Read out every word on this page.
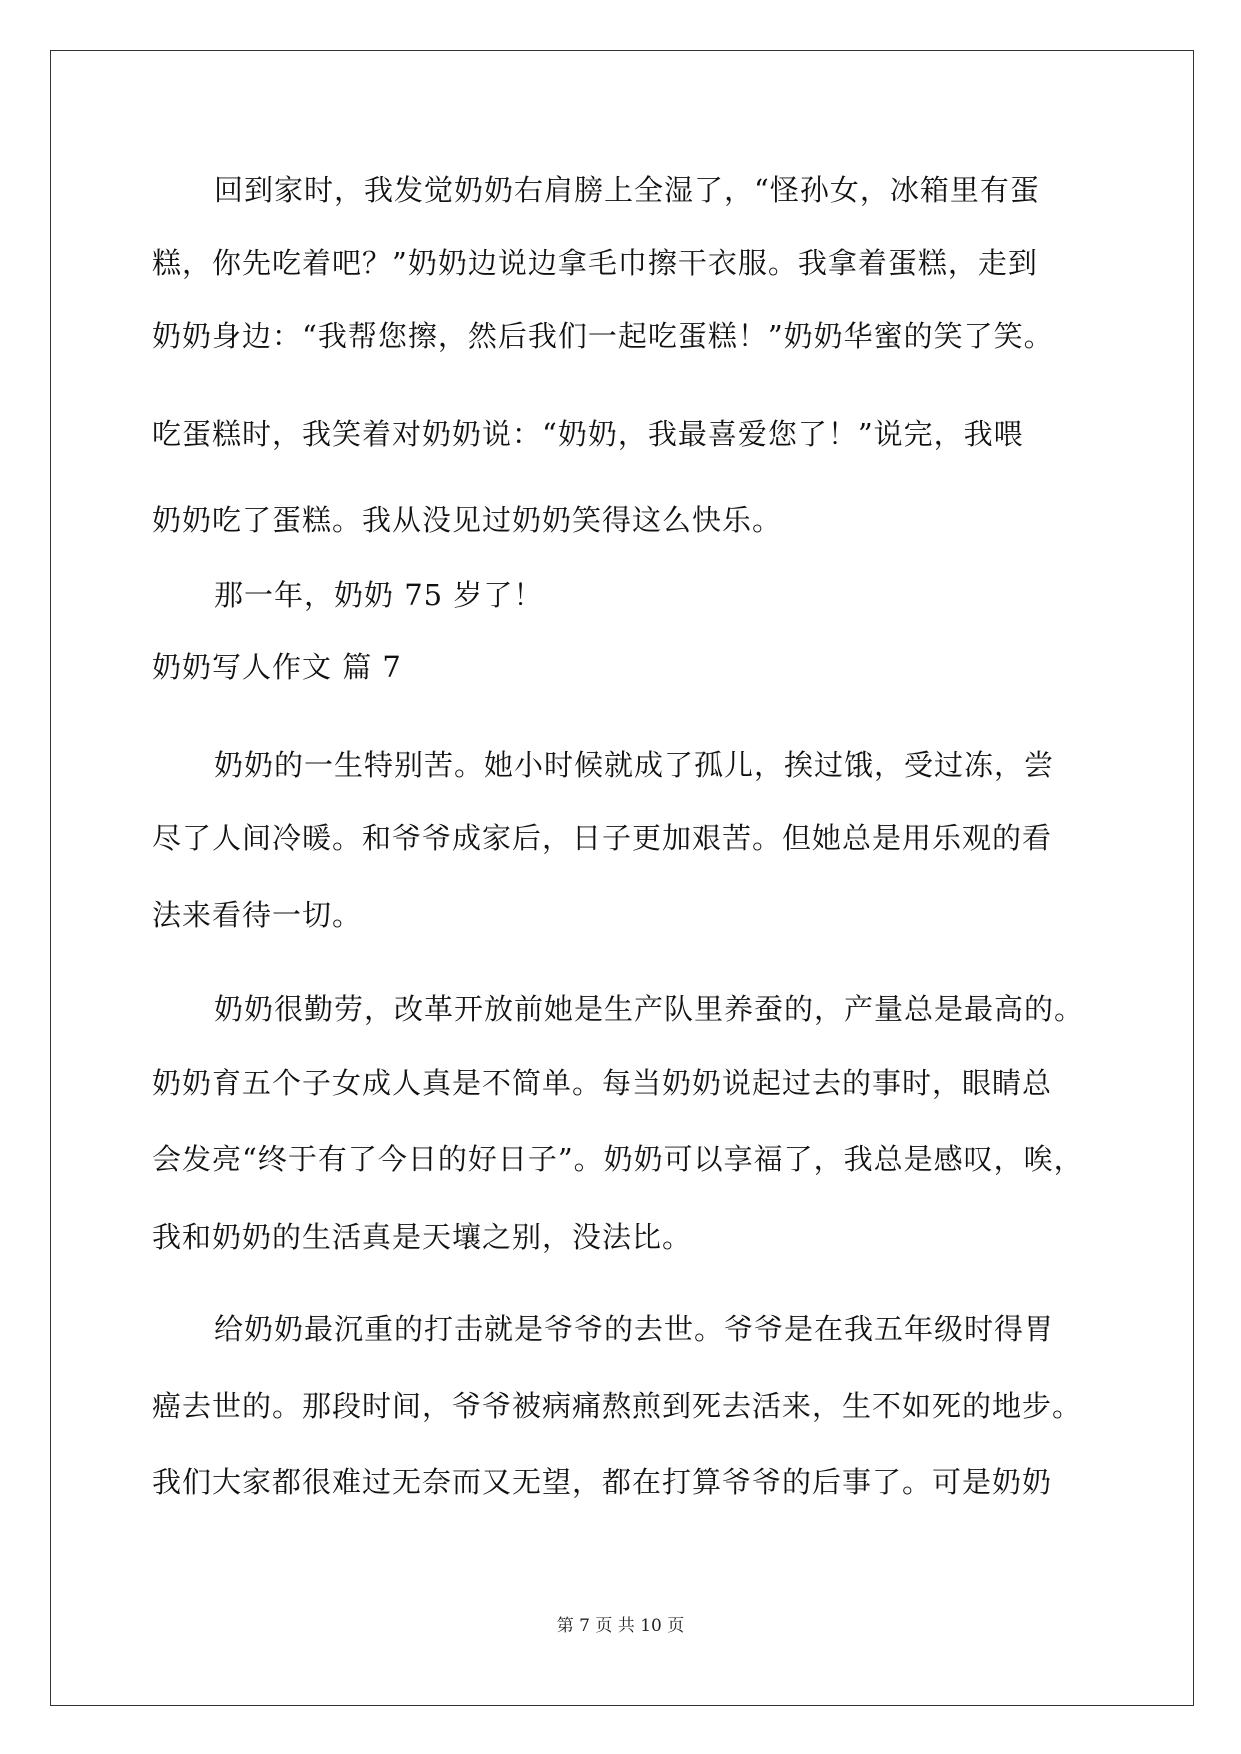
回到家时，我发觉奶奶右肩膀上全湿了，“怪孙女，冰箱里有蛋
糕，你先吃着吧？”奶奶边说边拿毛巾擦干衣服。我拿着蛋糕，走到
奶奶身边：“我帮您擦，然后我们一起吃蛋糕！”奶奶华蜜的笑了笑。
吃蛋糕时，我笑着对奶奶说：“奶奶，我最喜爱您了！”说完，我喂
奶奶吃了蛋糕。我从没见过奶奶笑得这么快乐。
那一年，奶奶 75 岁了！
奶奶写人作文 篇 7
奶奶的一生特别苦。她小时候就成了孤儿，挨过饿，受过冻，尝
尽了人间冷暖。和爷爷成家后，日子更加艰苦。但她总是用乐观的看
法来看待一切。
奶奶很勤劳，改革开放前她是生产队里养蚕的，产量总是最高的。
奶奶育五个子女成人真是不简单。每当奶奶说起过去的事时，眼睛总
会发亮“终于有了今日的好日子”。奶奶可以享福了，我总是感叹，唉，
我和奶奶的生活真是天壤之别，没法比。
给奶奶最沉重的打击就是爷爷的去世。爷爷是在我五年级时得胃
癌去世的。那段时间，爷爷被病痛熬煎到死去活来，生不如死的地步。
我们大家都很难过无奈而又无望，都在打算爷爷的后事了。可是奶奶
第 7 页 共 10 页
